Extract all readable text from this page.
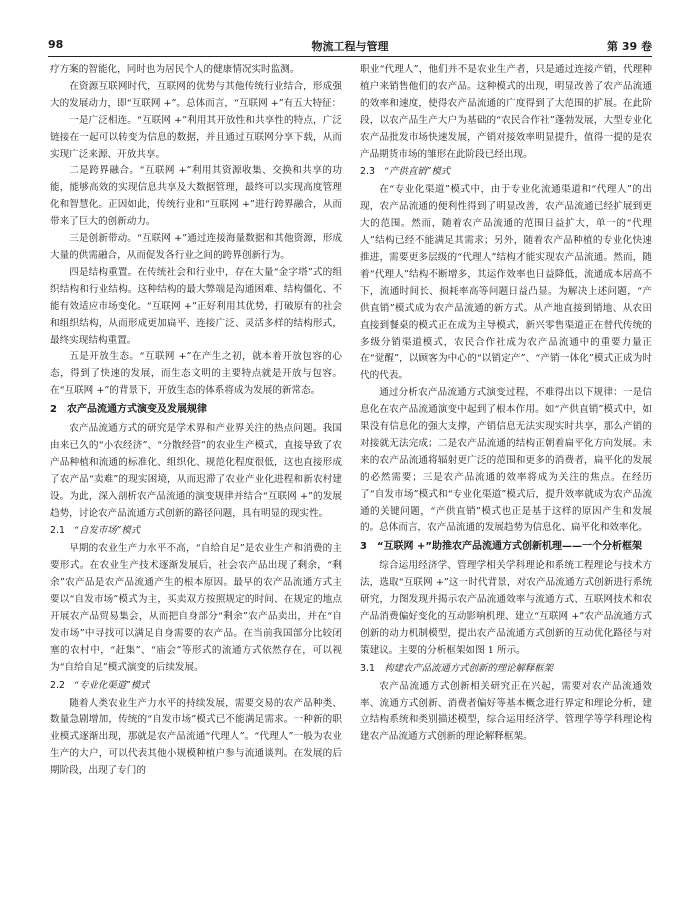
98	物流工程与管理	第 39 卷
疗方案的智能化，同时也为居民个人的健康情况实时监测。
在资源互联网时代，互联网的优势与其他传统行业结合，形成强大的发展动力，即“互联网 +”。总体而言，“互联网 +”有五大特征：
一是广泛相连。“互联网 +”利用其开放性和共享性的特点，广泛链接在一起可以转变为信息的数据，并且通过互联网分享下载，从而实现广泛来源、开放共享。
二是跨界融合。“互联网 +”利用其资源收集、交换和共享的功能，能够高效的实现信息共享及大数据管理，最终可以实现高度管理化和智慧化。正因如此，传统行业和“互联网 +”进行跨界融合，从而带来了巨大的创新动力。
三是创新带动。“互联网 +”通过连接海量数据和其他资源，形成大量的供需融合，从而促发各行业之间的跨界创新行为。
四是结构重置。在传统社会和行业中，存在大量“金字塔”式的组织结构和行业结构。这种结构的最大弊端是沟通困难、结构僵化、不能有效适应市场变化。“互联网 +”正好利用其优势，打破原有的社会和组织结构，从而形成更加扁平、连接广泛、灵活多样的结构形式，最终实现结构重置。
五是开放生态。“互联网 +”在产生之初，就本着开放包容的心态，得到了快速的发展，而生态文明的主要特点就是开放与包容。在“互联网 +”的背景下，开放生态的体系将成为发展的新常态。
2　农产品流通方式演变及发展规律
农产品流通方式的研究是学术界和产业界关注的热点问题。我国由来已久的“小农经济”、“分散经营”的农业生产模式，直接导致了农产品种植和流通的标准化、组织化、规范化程度很低，这也直接形成了农产品“卖难”的现实困境，从而迟滞了农业产业化进程和新农村建设。为此，深入剖析农产品流通的演变规律并结合“互联网 +”的发展趋势，讨论农产品流通方式创新的路径问题，具有明显的现实性。
2.1  “自发市场”模式
早期的农业生产力水平不高，“自给自足”是农业生产和消费的主要形式。在农业生产技术逐渐发展后，社会农产品出现了剩余，“剩余”农产品是农产品流通产生的根本原因。最早的农产品流通方式主要以“自发市场”模式为主，买卖双方按照规定的时间、在规定的地点开展农产品贸易集会，从而把自身部分“剩余”农产品卖出，并在“自发市场”中寻找可以满足自身需要的农产品。在当前我国部分比较闭塞的农村中，“赶集”、“庙会”等形式的流通方式依然存在，可以视为“自给自足”模式演变的后续发展。
2.2  “专业化渠道”模式
随着人类农业生产力水平的持续发展，需要交易的农产品种类、数量急剧增加，传统的“自发市场”模式已不能满足需求。一种新的职业模式逐渐出现，那就是农产品流通“代理人”。“代理人”一般为农业生产的大户，可以代表其他小规模种植户参与流通谈判。在发展的后期阶段，出现了专门的
职业“代理人”，他们并不是农业生产者，只是通过连接产销，代理种植户来销售他们的农产品。这种模式的出现，明显改善了农产品流通的效率和速度，使得农产品流通的广度得到了大范围的扩展。在此阶段，以农产品生产大户为基础的“农民合作社”蓬勃发展，大型专业化农产品批发市场快速发展，产销对接效率明显提升，值得一提的是农产品期货市场的雏形在此阶段已经出现。
2.3  “产供直销”模式
在“专业化渠道”模式中，由于专业化流通渠道和“代理人”的出现，农产品流通的便利性得到了明显改善，农产品流通已经扩展到更大的范围。然而，随着农产品流通的范围日益扩大，单一的“代理人”结构已经不能满足其需求；另外，随着农产品种植的专业化快速推进，需要更多层级的“代理人”结构才能实现农产品流通。然而，随着“代理人”结构不断增多，其运作效率也日益降低，流通成本居高不下，流通时间长、损耗率高等问题日益凸显。为解决上述问题，“产供直销”模式成为农产品流通的新方式。从产地直接到销地、从农田直接到餐桌的模式正在成为主导模式，新兴零售渠道正在替代传统的多级分销渠道模式，农民合作社成为农产品流通中的重要力量正在“觉醒”，以顾客为中心的“以销定产”、“产销一体化”模式正成为时代的代表。
通过分析农产品流通方式演变过程，不难得出以下规律：一是信息化在农产品流通演变中起到了根本作用。如“产供直销”模式中，如果没有信息化的强大支撑，产销信息无法实现实时共享，那么产销的对接就无法完成；二是农产品流通的结构正朝着扁平化方向发展。未来的农产品流通将辐射更广泛的范围和更多的消费者，扁平化的发展的必然需要；三是农产品流通的效率将成为关注的焦点。在经历了“自发市场”模式和“专业化渠道”模式后，提升效率就成为农产品流通的关键问题，“产供直销”模式也正是基于这样的原因产生和发展的。总体而言，农产品流通的发展趋势为信息化、扁平化和效率化。
3　“互联网 +”助推农产品流通方式创新机理——一个分析框架
综合运用经济学、管理学相关学科理论和系统工程理论与技术方法，选取“互联网 +”这一时代背景，对农产品流通方式创新进行系统研究，力图发现并揭示农产品流通效率与流通方式、互联网技术和农产品消费偏好变化的互动影响机理、建立“互联网 +”农产品流通方式创新的动力机制模型，提出农产品流通方式创新的互动优化路径与对策建议。主要的分析框架如图 1 所示。
3.1  构建农产品流通方式创新的理论解释框架
农产品流通方式创新相关研究正在兴起，需要对农产品流通效率、流通方式创新、消费者偏好等基本概念进行界定和理论分析，建立结构系统和类别描述模型，综合运用经济学、管理学等学科理论构建农产品流通方式创新的理论解释框架。
